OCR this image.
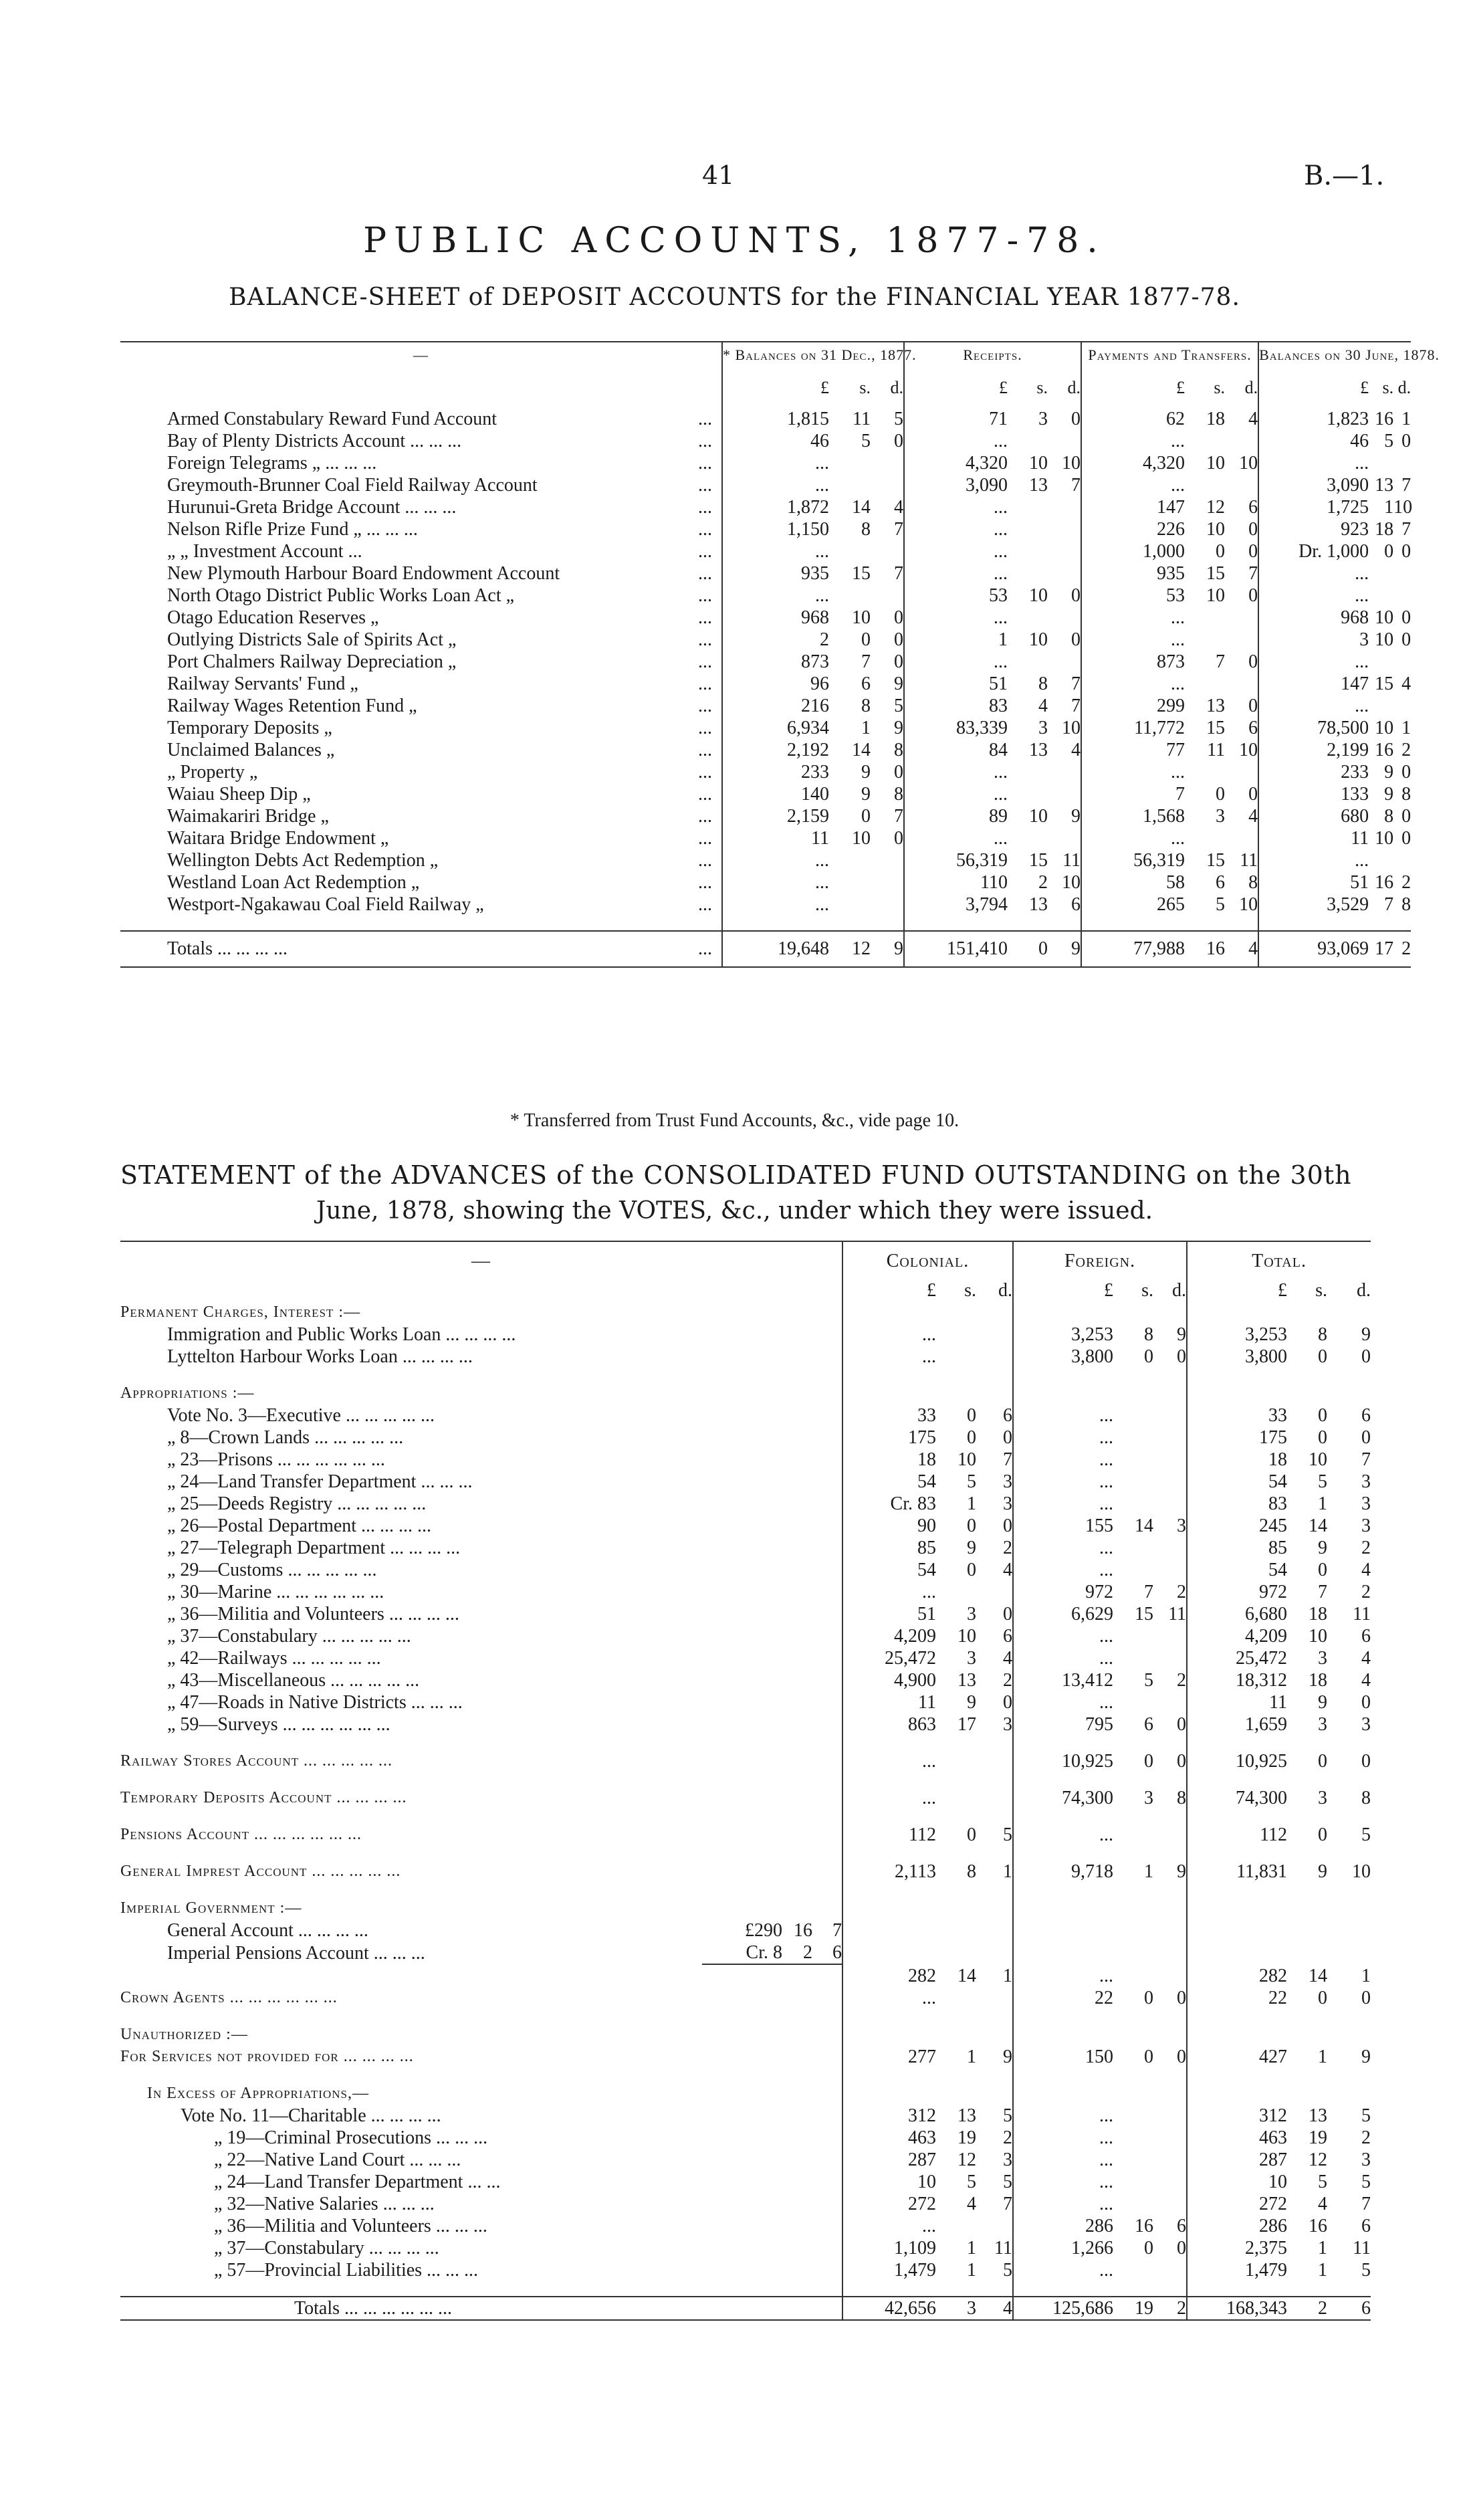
41	B.—1.
PUBLIC ACCOUNTS, 1877-78.
BALANCE-SHEET of DEPOSIT ACCOUNTS for the FINANCIAL YEAR 1877-78.
—	* Balances on 31 Dec., 1877.			Receipts.			Payments and Transfers.			Balances on 30 June, 1878.	
	£	s.	d.	£	s.	d.	£	s.	d.	£	s. d.
Armed Constabulary Reward Fund Account ...	1,815	11	5	71	3	0	62	18	4	1,823	16 1
Bay of Plenty Districts Account ... ... ... ...	46	5	0	...			...			46	5 0
Foreign Telegrams „ ... ... ... ...	...			4,320	10	10	4,320	10	10	...	
Greymouth-Brunner Coal Field Railway Account ...	...			3,090	13	7	...			3,090	13 7
Hurunui-Greta Bridge Account ... ... ... ...	1,872	14	4	...			147	12	6	1,725	110
Nelson Rifle Prize Fund „ ... ... ... ...	1,150	8	7	...			226	10	0	923	18 7
„ „ Investment Account ... ...	...			...			1,000	0	0	Dr. 1,000	0 0
New Plymouth Harbour Board Endowment Account ...	935	15	7	...			935	15	7	...	
North Otago District Public Works Loan Act „ ...	...			53	10	0	53	10	0	...	
Otago Education Reserves „ ...	968	10	0	...			...			968	10 0
Outlying Districts Sale of Spirits Act „ ...	2	0	0	1	10	0	...			3	10 0
Port Chalmers Railway Depreciation „ ...	873	7	0	...			873	7	0	...	
Railway Servants' Fund „ ...	96	6	9	51	8	7	...			147	15 4
Railway Wages Retention Fund „ ...	216	8	5	83	4	7	299	13	0	...	
Temporary Deposits „ ...	6,934	1	9	83,339	3	10	11,772	15	6	78,500	10 1
Unclaimed Balances „ ...	2,192	14	8	84	13	4	77	11	10	2,199	16 2
„ Property „ ...	233	9	0	...			...			233	9 0
Waiau Sheep Dip „ ...	140	9	8	...			7	0	0	133	9 8
Waimakariri Bridge „ ...	2,159	0	7	89	10	9	1,568	3	4	680	8 0
Waitara Bridge Endowment „ ...	11	10	0	...			...			11	10 0
Wellington Debts Act Redemption „ ...	...			56,319	15	11	56,319	15	11	...	
Westland Loan Act Redemption „ ...	...			110	2	10	58	6	8	51	16 2
Westport-Ngakawau Coal Field Railway „ ...	...			3,794	13	6	265	5	10	3,529	7 8

Totals ... ... ... ... ...	19,648	12	9	151,410	0	9	77,988	16	4	93,069	17 2
* Transferred from Trust Fund Accounts, &c., vide page 10.
STATEMENT of the ADVANCES of the CONSOLIDATED FUND OUTSTANDING on the 30th
June, 1878, showing the VOTES, &c., under which they were issued.
—				Colonial.			Foreign.			Total.		
				£	s.	d.	£	s.	d.	£	s.	d.
Permanent Charges, Interest :—												
Immigration and Public Works Loan ... ... ... ...				...			3,253	8	9	3,253	8	9
Lyttelton Harbour Works Loan ... ... ... ...				...			3,800	0	0	3,800	0	0

Appropriations :—												
Vote No. 3—Executive ... ... ... ... ...				33	0	6	...			33	0	6
„ 8—Crown Lands ... ... ... ... ...				175	0	0	...			175	0	0
„ 23—Prisons ... ... ... ... ... ...				18	10	7	...			18	10	7
„ 24—Land Transfer Department ... ... ...				54	5	3	...			54	5	3
„ 25—Deeds Registry ... ... ... ... ...				Cr. 83	1	3	...			83	1	3
„ 26—Postal Department ... ... ... ...				90	0	0	155	14	3	245	14	3
„ 27—Telegraph Department ... ... ... ...				85	9	2	...			85	9	2
„ 29—Customs ... ... ... ... ...				54	0	4	...			54	0	4
„ 30—Marine ... ... ... ... ... ...				...			972	7	2	972	7	2
„ 36—Militia and Volunteers ... ... ... ...				51	3	0	6,629	15	11	6,680	18	11
„ 37—Constabulary ... ... ... ... ...				4,209	10	6	...			4,209	10	6
„ 42—Railways ... ... ... ... ...				25,472	3	4	...			25,472	3	4
„ 43—Miscellaneous ... ... ... ... ...				4,900	13	2	13,412	5	2	18,312	18	4
„ 47—Roads in Native Districts ... ... ...				11	9	0	...			11	9	0
„ 59—Surveys ... ... ... ... ... ...				863	17	3	795	6	0	1,659	3	3

Railway Stores Account ... ... ... ... ...				...			10,925	0	0	10,925	0	0

Temporary Deposits Account ... ... ... ...				...			74,300	3	8	74,300	3	8

Pensions Account ... ... ... ... ... ...				112	0	5	...			112	0	5

General Imprest Account ... ... ... ... ...				2,113	8	1	9,718	1	9	11,831	9	10

Imperial Government :—												
General Account ... ... ... ...	£290	16	7									
Imperial Pensions Account ... ... ...	Cr. 8	2	6									
				282	14	1	...			282	14	1
Crown Agents ... ... ... ... ... ...				...			22	0	0	22	0	0

Unauthorized :—												
For Services not provided for ... ... ... ...				277	1	9	150	0	0	427	1	9

In Excess of Appropriations,—												
Vote No. 11—Charitable ... ... ... ...				312	13	5	...			312	13	5
„ 19—Criminal Prosecutions ... ... ...				463	19	2	...			463	19	2
„ 22—Native Land Court ... ... ...				287	12	3	...			287	12	3
„ 24—Land Transfer Department ... ...				10	5	5	...			10	5	5
„ 32—Native Salaries ... ... ...				272	4	7	...			272	4	7
„ 36—Militia and Volunteers ... ... ...				...			286	16	6	286	16	6
„ 37—Constabulary ... ... ... ...				1,109	1	11	1,266	0	0	2,375	1	11
„ 57—Provincial Liabilities ... ... ...				1,479	1	5	...			1,479	1	5

Totals ... ... ... ... ... ...				42,656	3	4	125,686	19	2	168,343	2	6
